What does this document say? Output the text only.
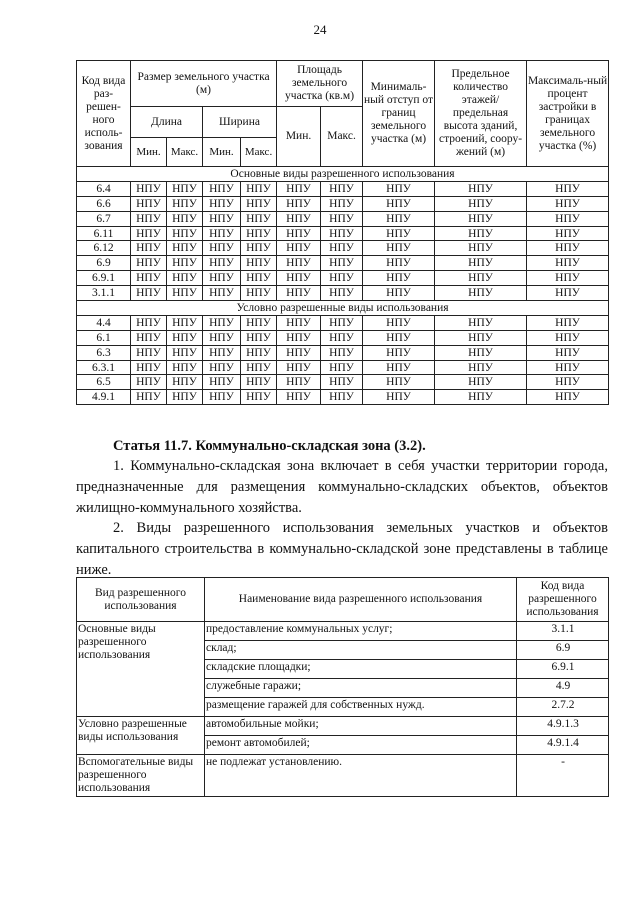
24
Код вида раз-решен-ного исполь-зования	Размер земельного участка (м)				Площадь земельного участка (кв.м)		Минималь-ный отступ от границ земельного участка (м)	Предельное количество этажей/ предельная высота зданий, строений, соору-жений (м)	Максималь-ный процент застройки в границах земельного участка (%)
	Длина		Ширина		Мин.	Макс.			
	Мин.	Макс.	Мин.	Макс.					
Основные виды разрешенного использования									
6.4	НПУ	НПУ	НПУ	НПУ	НПУ	НПУ	НПУ	НПУ	НПУ
6.6	НПУ	НПУ	НПУ	НПУ	НПУ	НПУ	НПУ	НПУ	НПУ
6.7	НПУ	НПУ	НПУ	НПУ	НПУ	НПУ	НПУ	НПУ	НПУ
6.11	НПУ	НПУ	НПУ	НПУ	НПУ	НПУ	НПУ	НПУ	НПУ
6.12	НПУ	НПУ	НПУ	НПУ	НПУ	НПУ	НПУ	НПУ	НПУ
6.9	НПУ	НПУ	НПУ	НПУ	НПУ	НПУ	НПУ	НПУ	НПУ
6.9.1	НПУ	НПУ	НПУ	НПУ	НПУ	НПУ	НПУ	НПУ	НПУ
3.1.1	НПУ	НПУ	НПУ	НПУ	НПУ	НПУ	НПУ	НПУ	НПУ
Условно разрешенные виды использования									
4.4	НПУ	НПУ	НПУ	НПУ	НПУ	НПУ	НПУ	НПУ	НПУ
6.1	НПУ	НПУ	НПУ	НПУ	НПУ	НПУ	НПУ	НПУ	НПУ
6.3	НПУ	НПУ	НПУ	НПУ	НПУ	НПУ	НПУ	НПУ	НПУ
6.3.1	НПУ	НПУ	НПУ	НПУ	НПУ	НПУ	НПУ	НПУ	НПУ
6.5	НПУ	НПУ	НПУ	НПУ	НПУ	НПУ	НПУ	НПУ	НПУ
4.9.1	НПУ	НПУ	НПУ	НПУ	НПУ	НПУ	НПУ	НПУ	НПУ
Статья 11.7. Коммунально-складская зона (3.2).
1. Коммунально-складская зона включает в себя участки территории города, предназначенные для размещения коммунально-складских объектов, объектов жилищно-коммунального хозяйства.
2. Виды разрешенного использования земельных участков и объектов капитального строительства в коммунально-складской зоне представлены в таблице ниже.
Вид разрешенного использования	Наименование вида разрешенного использования	Код вида разрешенного использования
Основные виды разрешенного использования	предоставление коммунальных услуг;	3.1.1
	склад;	6.9
	складские площадки;	6.9.1
	служебные гаражи;	4.9
	размещение гаражей для собственных нужд.	2.7.2
Условно разрешенные виды использования	автомобильные мойки;	4.9.1.3
	ремонт автомобилей;	4.9.1.4
Вспомогательные виды разрешенного использования	не подлежат установлению.	-
